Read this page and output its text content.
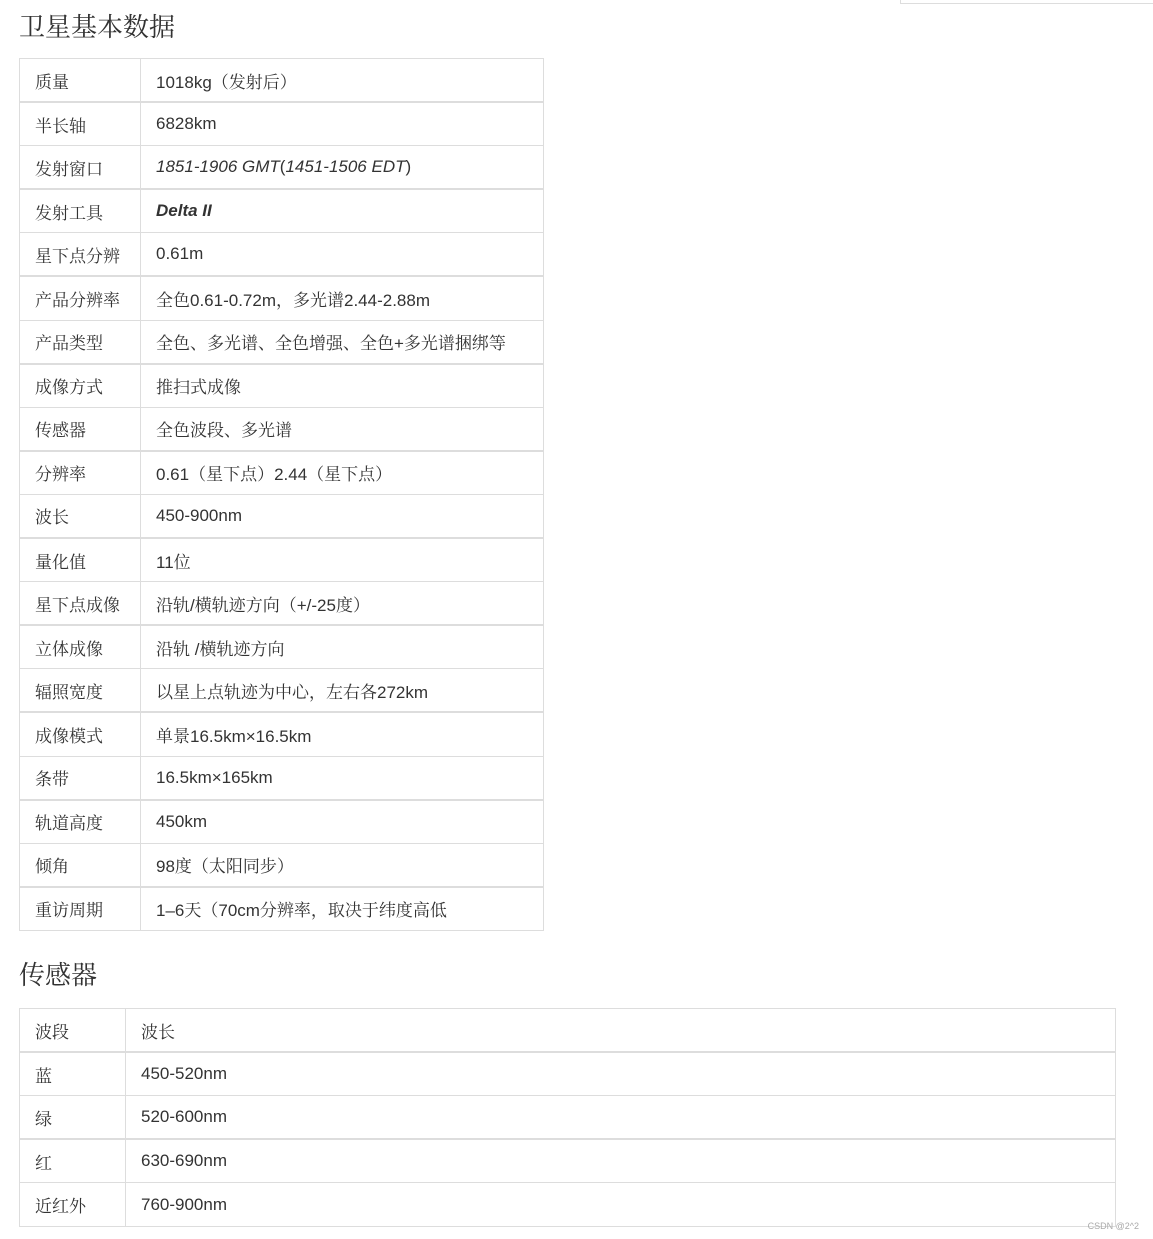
卫星基本数据
质量	1018kg（发射后）
半长轴	6828km
发射窗口	1851-1906 GMT(1451-1506 EDT)
发射工具	Delta II
星下点分辨	0.61m
产品分辨率	全色0.61-0.72m，多光谱2.44-2.88m
产品类型	全色、多光谱、全色增强、全色+多光谱捆绑等
成像方式	推扫式成像
传感器	全色波段、多光谱
分辨率	0.61（星下点）2.44（星下点）
波长	450-900nm
量化值	11位
星下点成像	沿轨/横轨迹方向（+/-25度）
立体成像	沿轨 /横轨迹方向
辐照宽度	以星上点轨迹为中心，左右各272km
成像模式	单景16.5km×16.5km
条带	16.5km×165km
轨道高度	450km
倾角	98度（太阳同步）
重访周期	1–6天（70cm分辨率，取决于纬度高低
传感器
波段	波长
蓝	450-520nm
绿	520-600nm
红	630-690nm
近红外	760-900nm
CSDN @2^2
